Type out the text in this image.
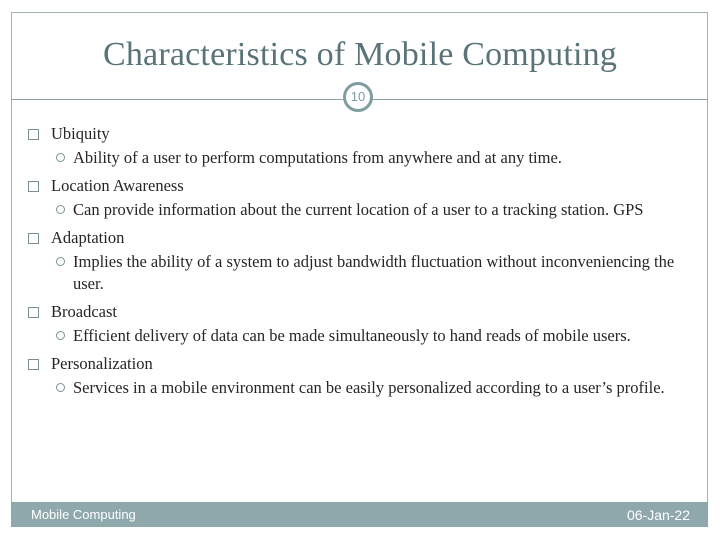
Characteristics of Mobile Computing
10
Ubiquity
Ability of a user to perform computations from anywhere and at any time.
Location Awareness
Can provide information about the current location of a user to a tracking station. GPS
Adaptation
Implies the ability of a system to adjust bandwidth fluctuation without inconveniencing the user.
Broadcast
Efficient delivery of data can be made simultaneously to hand reads of mobile users.
Personalization
Services in a mobile environment can be easily personalized according to a user’s profile.
Mobile Computing	06-Jan-22
